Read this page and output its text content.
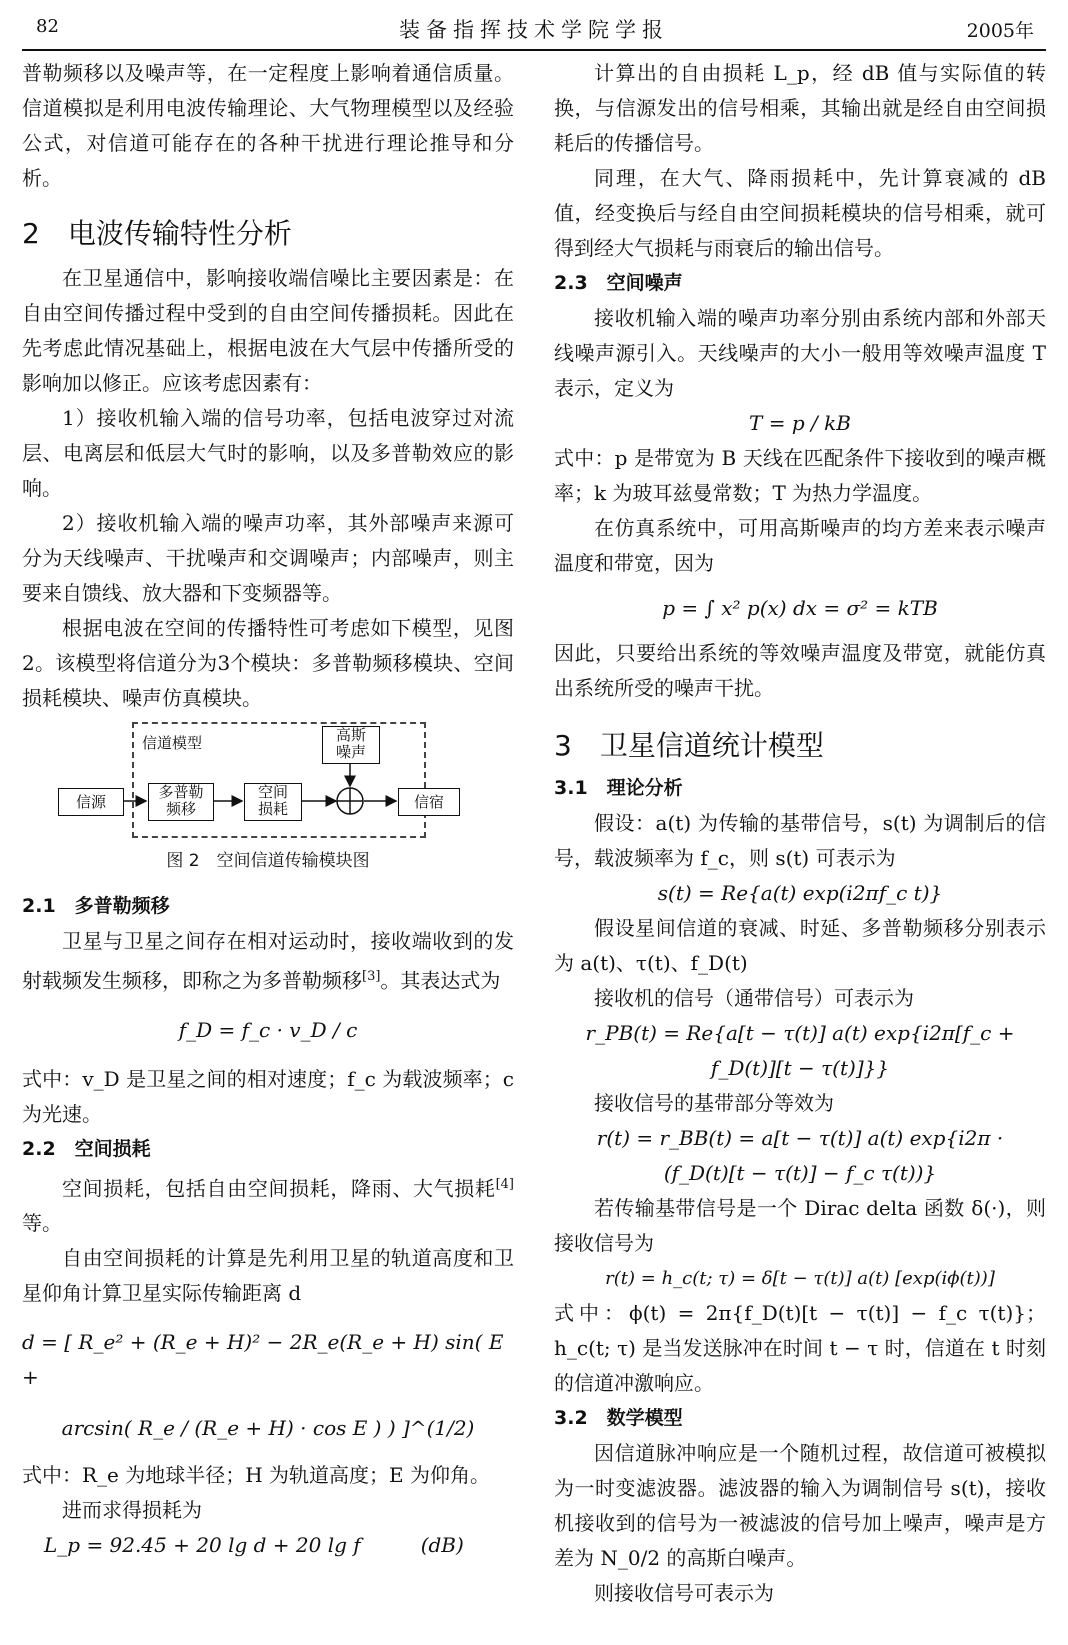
82	装备指挥技术学院学报	2005年

普勒频移以及噪声等，在一定程度上影响着通信质量。信道模拟是利用电波传输理论、大气物理模型以及经验公式，对信道可能存在的各种干扰进行理论推导和分析。

2　电波传输特性分析

在卫星通信中，影响接收端信噪比主要因素是：在自由空间传播过程中受到的自由空间传播损耗。因此在先考虑此情况基础上，根据电波在大气层中传播所受的影响加以修正。应该考虑因素有：

1）接收机输入端的信号功率，包括电波穿过对流层、电离层和低层大气时的影响，以及多普勒效应的影响。

2）接收机输入端的噪声功率，其外部噪声来源可分为天线噪声、干扰噪声和交调噪声；内部噪声，则主要来自馈线、放大器和下变频器等。

根据电波在空间的传播特性可考虑如下模型，见图2。该模型将信道分为3个模块：多普勒频移模块、空间损耗模块、噪声仿真模块。

信道模型
信源
多普勒
频移
空间
损耗
高斯
噪声
信宿
图 2　空间信道传输模块图
2.1　多普勒频移

卫星与卫星之间存在相对运动时，接收端收到的发射载频发生频移，即称之为多普勒频移[3]。其表达式为

f_D = f_c · v_D / c

式中：v_D 是卫星之间的相对速度；f_c 为载波频率；c 为光速。

2.2　空间损耗

空间损耗，包括自由空间损耗，降雨、大气损耗[4]等。

自由空间损耗的计算是先利用卫星的轨道高度和卫星仰角计算卫星实际传输距离 d

d = [ R_e² + (R_e + H)² − 2R_e(R_e + H) sin( E +

arcsin( R_e / (R_e + H) · cos E ) ) ]^(1/2)

式中：R_e 为地球半径；H 为轨道高度；E 为仰角。

进而求得损耗为

L_p = 92.45 + 20 lg d + 20 lg f　　　(dB)

计算出的自由损耗 L_p，经 dB 值与实际值的转换，与信源发出的信号相乘，其输出就是经自由空间损耗后的传播信号。

同理，在大气、降雨损耗中，先计算衰减的 dB 值，经变换后与经自由空间损耗模块的信号相乘，就可得到经大气损耗与雨衰后的输出信号。

2.3　空间噪声

接收机输入端的噪声功率分别由系统内部和外部天线噪声源引入。天线噪声的大小一般用等效噪声温度 T 表示，定义为

T = p / kB

式中：p 是带宽为 B 天线在匹配条件下接收到的噪声概率；k 为玻耳兹曼常数；T 为热力学温度。

在仿真系统中，可用高斯噪声的均方差来表示噪声温度和带宽，因为

p = ∫ x² p(x) dx = σ² = kTB

因此，只要给出系统的等效噪声温度及带宽，就能仿真出系统所受的噪声干扰。

3　卫星信道统计模型
3.1　理论分析

假设：a(t) 为传输的基带信号，s(t) 为调制后的信号，载波频率为 f_c，则 s(t) 可表示为

s(t) = Re{a(t) exp(i2πf_c t)}

假设星间信道的衰减、时延、多普勒频移分别表示为 a(t)、τ(t)、f_D(t)

接收机的信号（通带信号）可表示为

r_PB(t) = Re{a[t − τ(t)] a(t) exp{i2π[f_c +

f_D(t)][t − τ(t)]}}

接收信号的基带部分等效为

r(t) = r_BB(t) = a[t − τ(t)] a(t) exp{i2π ·

(f_D(t)[t − τ(t)] − f_c τ(t))}

若传输基带信号是一个 Dirac delta 函数 δ(·)，则接收信号为

r(t) = h_c(t; τ) = δ[t − τ(t)] a(t) [exp(iϕ(t))]

式中：ϕ(t) = 2π{f_D(t)[t − τ(t)] − f_c τ(t)}；h_c(t; τ) 是当发送脉冲在时间 t − τ 时，信道在 t 时刻的信道冲激响应。

3.2　数学模型

因信道脉冲响应是一个随机过程，故信道可被模拟为一时变滤波器。滤波器的输入为调制信号 s(t)，接收机接收到的信号为一被滤波的信号加上噪声，噪声是方差为 N_0/2 的高斯白噪声。

则接收信号可表示为
